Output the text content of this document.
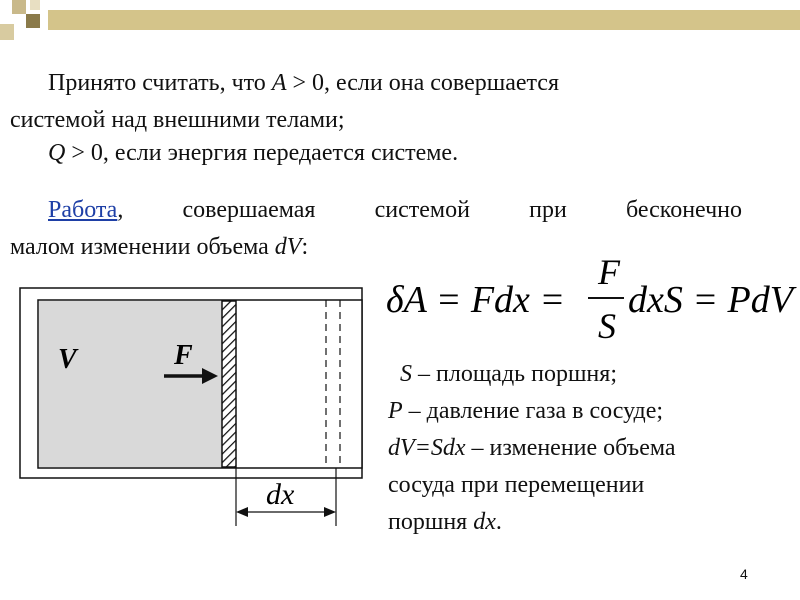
Принято считать, что A > 0, если она совершается
системой над внешними телами;
Q > 0, если энергия передается системе.
Работа, совершаемая системой при бесконечно
малом изменении объема dV:
δA = Fdx =
F
S
dxS = PdV
dx
V	F
S – площадь поршня;
P – давление газа в сосуде;
dV=Sdx – изменение объема
сосуда при перемещении
поршня dx.
4
